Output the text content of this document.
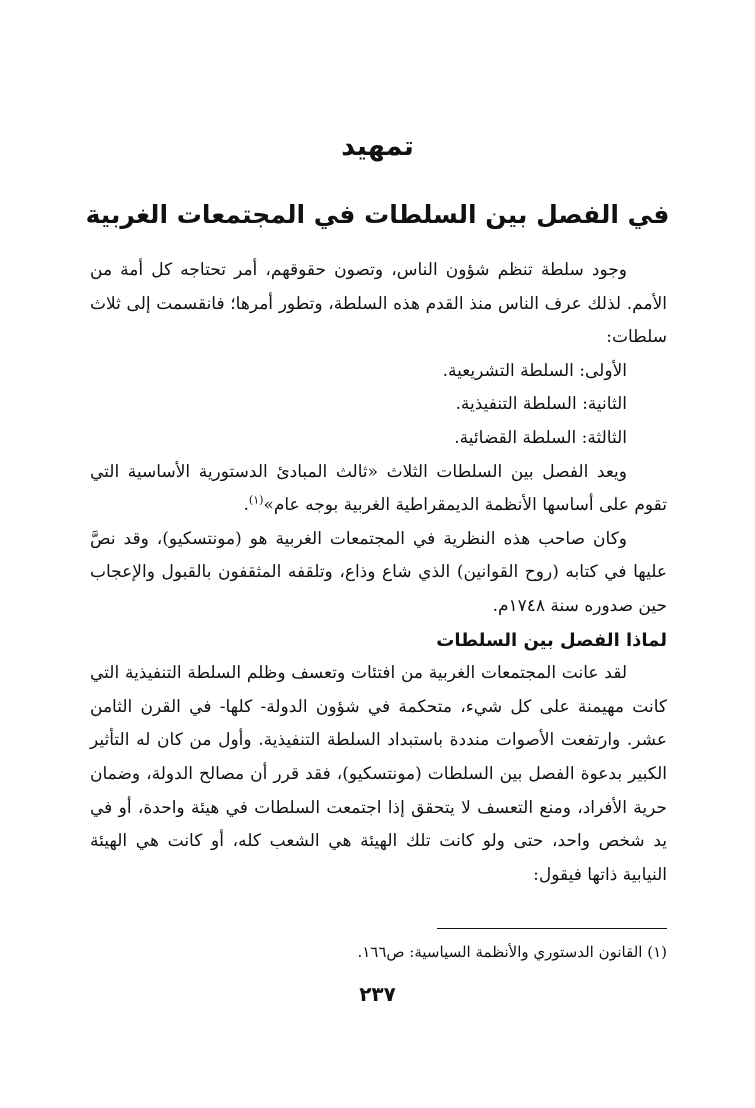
تمهيد
في الفصل بين السلطات في المجتمعات الغربية

وجود سلطة تنظم شؤون الناس، وتصون حقوقهم، أمر تحتاجه كل أمة من الأمم. لذلك عرف الناس منذ القدم هذه السلطة، وتطور أمرها؛ فانقسمت إلى ثلاث سلطات:

الأولى: السلطة التشريعية.

الثانية: السلطة التنفيذية.

الثالثة: السلطة القضائية.

ويعد الفصل بين السلطات الثلاث «ثالث المبادئ الدستورية الأساسية التي تقوم على أساسها الأنظمة الديمقراطية الغربية بوجه عام»$^{(١)}$.

وكان صاحب هذه النظرية في المجتمعات الغربية هو (مونتسكيو)، وقد نصَّ عليها في كتابه (روح القوانين) الذي شاع وذاع، وتلقفه المثقفون بالقبول والإعجاب حين صدوره سنة ١٧٤٨م.

لماذا الفصل بين السلطات

لقد عانت المجتمعات الغربية من افتئات وتعسف وظلم السلطة التنفيذية التي كانت مهيمنة على كل شيء، متحكمة في شؤون الدولة- كلها- في القرن الثامن عشر. وارتفعت الأصوات منددة باستبداد السلطة التنفيذية. وأول من كان له التأثير الكبير بدعوة الفصل بين السلطات (مونتسكيو)، فقد قرر أن مصالح الدولة، وضمان حرية الأفراد، ومنع التعسف لا يتحقق إذا اجتمعت السلطات في هيئة واحدة، أو في يد شخص واحد، حتى ولو كانت تلك الهيئة هي الشعب كله، أو كانت هي الهيئة النيابية ذاتها فيقول:

(١) القانون الدستوري والأنظمة السياسية: ص١٦٦.
٢٣٧
